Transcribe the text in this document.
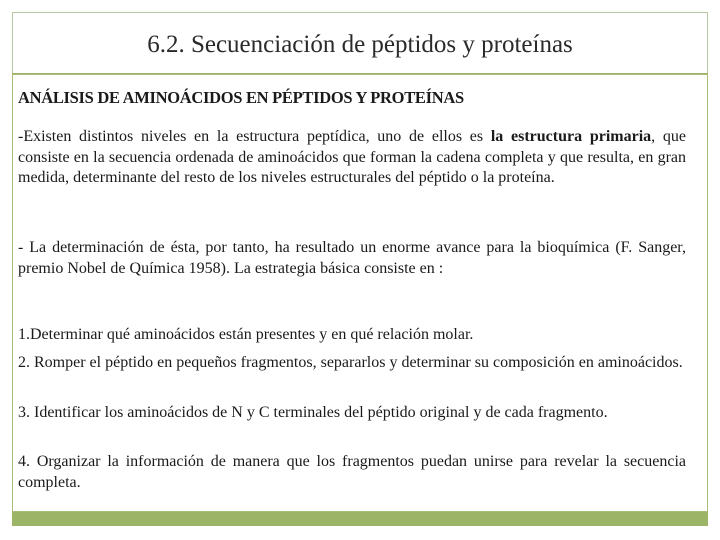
6.2. Secuenciación de péptidos y proteínas
ANÁLISIS DE AMINOÁCIDOS EN PÉPTIDOS Y PROTEÍNAS
-Existen distintos niveles en la estructura peptídica, uno de ellos es la estructura primaria, que consiste en la secuencia ordenada de aminoácidos que forman la cadena completa y que resulta, en gran medida, determinante del resto de los niveles estructurales del péptido o la proteína.
- La determinación de ésta, por tanto, ha resultado un enorme avance para la bioquímica (F. Sanger, premio Nobel de Química 1958). La estrategia básica consiste en :
1.Determinar qué aminoácidos están presentes y en qué relación molar.
2. Romper el péptido en pequeños fragmentos, separarlos y determinar su composición en aminoácidos.
3. Identificar los aminoácidos de N y C terminales del péptido original y de cada fragmento.
4. Organizar la información de manera que los fragmentos puedan unirse para revelar la secuencia completa.
